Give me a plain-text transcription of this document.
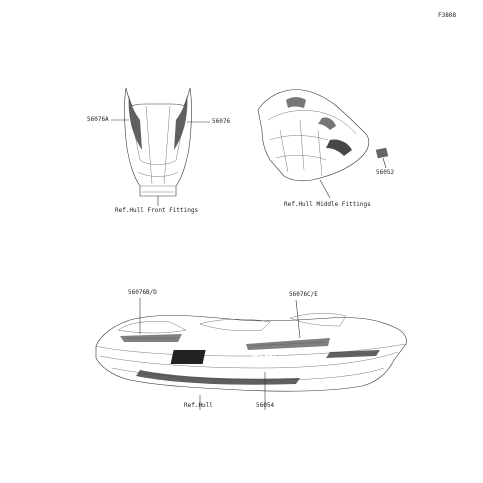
F3808
56076A	56076
Ref.Hull Front Fittings
56052
Ref.Hull Middle Fittings
JET SKI
56076B/D	56076C/E
Ref.Hull	56054
